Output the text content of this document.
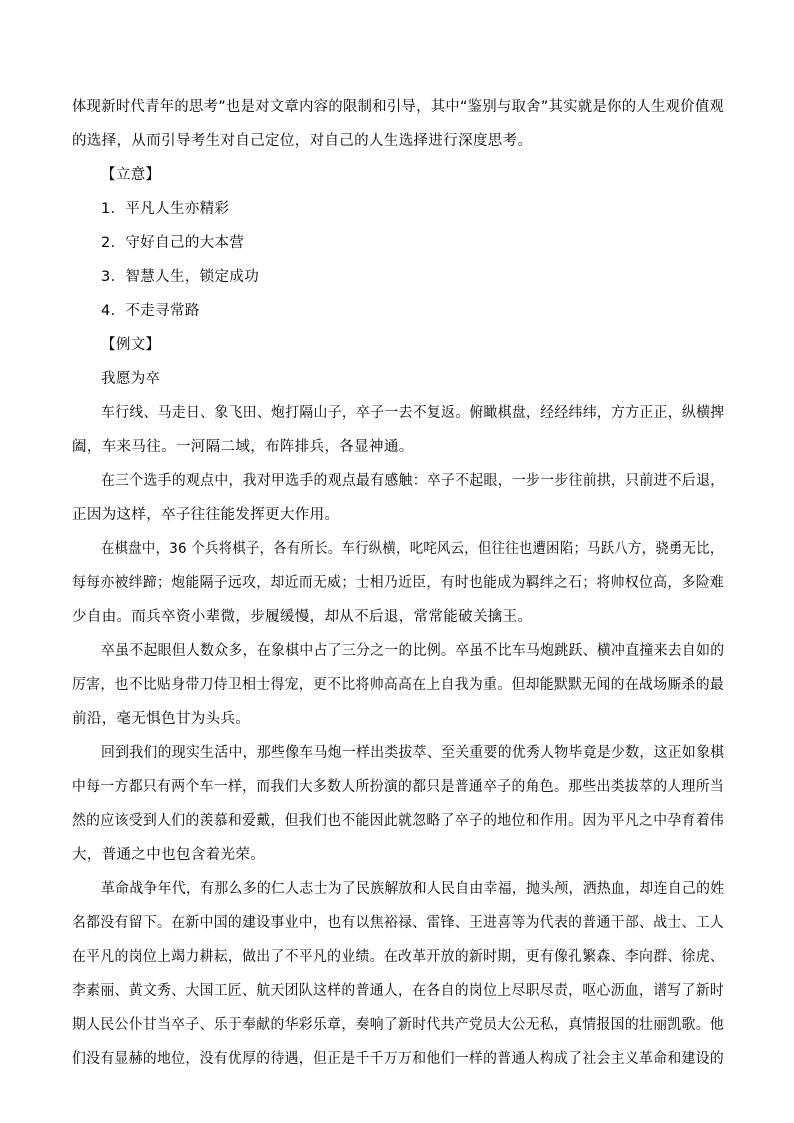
体现新时代青年的思考”也是对文章内容的限制和引导，其中“鉴别与取舍”其实就是你的人生观价值观
的选择，从而引导考生对自己定位，对自己的人生选择进行深度思考。
【立意】
1．平凡人生亦精彩
2．守好自己的大本营
3．智慧人生，锁定成功
4．不走寻常路
【例文】
我愿为卒
车行线、马走日、象飞田、炮打隔山子，卒子一去不复返。俯瞰棋盘，经经纬纬，方方正正，纵横捭
阖，车来马往。一河隔二域，布阵排兵，各显神通。
在三个选手的观点中，我对甲选手的观点最有感触：卒子不起眼，一步一步往前拱，只前进不后退，
正因为这样，卒子往往能发挥更大作用。
在棋盘中，36 个兵将棋子，各有所长。车行纵横，叱咤风云，但往往也遭困陷；马跃八方，骁勇无比，
每每亦被绊蹄；炮能隔子远攻，却近而无威；士相乃近臣，有时也能成为羁绊之石；将帅权位高，多险难
少自由。而兵卒资小辈微，步履缓慢，却从不后退，常常能破关擒王。
卒虽不起眼但人数众多，在象棋中占了三分之一的比例。卒虽不比车马炮跳跃、横冲直撞来去自如的
厉害，也不比贴身带刀侍卫相士得宠，更不比将帅高高在上自我为重。但却能默默无闻的在战场厮杀的最
前沿，毫无惧色甘为头兵。
回到我们的现实生活中，那些像车马炮一样出类拔萃、至关重要的优秀人物毕竟是少数，这正如象棋
中每一方都只有两个车一样，而我们大多数人所扮演的都只是普通卒子的角色。那些出类拔萃的人理所当
然的应该受到人们的羡慕和爱戴，但我们也不能因此就忽略了卒子的地位和作用。因为平凡之中孕育着伟
大，普通之中也包含着光荣。
革命战争年代，有那么多的仁人志士为了民族解放和人民自由幸福，抛头颅，洒热血，却连自己的姓
名都没有留下。在新中国的建设事业中，也有以焦裕禄、雷锋、王进喜等为代表的普通干部、战士、工人
在平凡的岗位上竭力耕耘，做出了不平凡的业绩。在改革开放的新时期，更有像孔繁森、李向群、徐虎、
李素丽、黄文秀、大国工匠、航天团队这样的普通人，在各自的岗位上尽职尽责，呕心沥血，谱写了新时
期人民公仆甘当卒子、乐于奉献的华彩乐章，奏响了新时代共产党员大公无私，真情报国的壮丽凯歌。他
们没有显赫的地位，没有优厚的待遇，但正是千千万万和他们一样的普通人构成了社会主义革命和建设的
